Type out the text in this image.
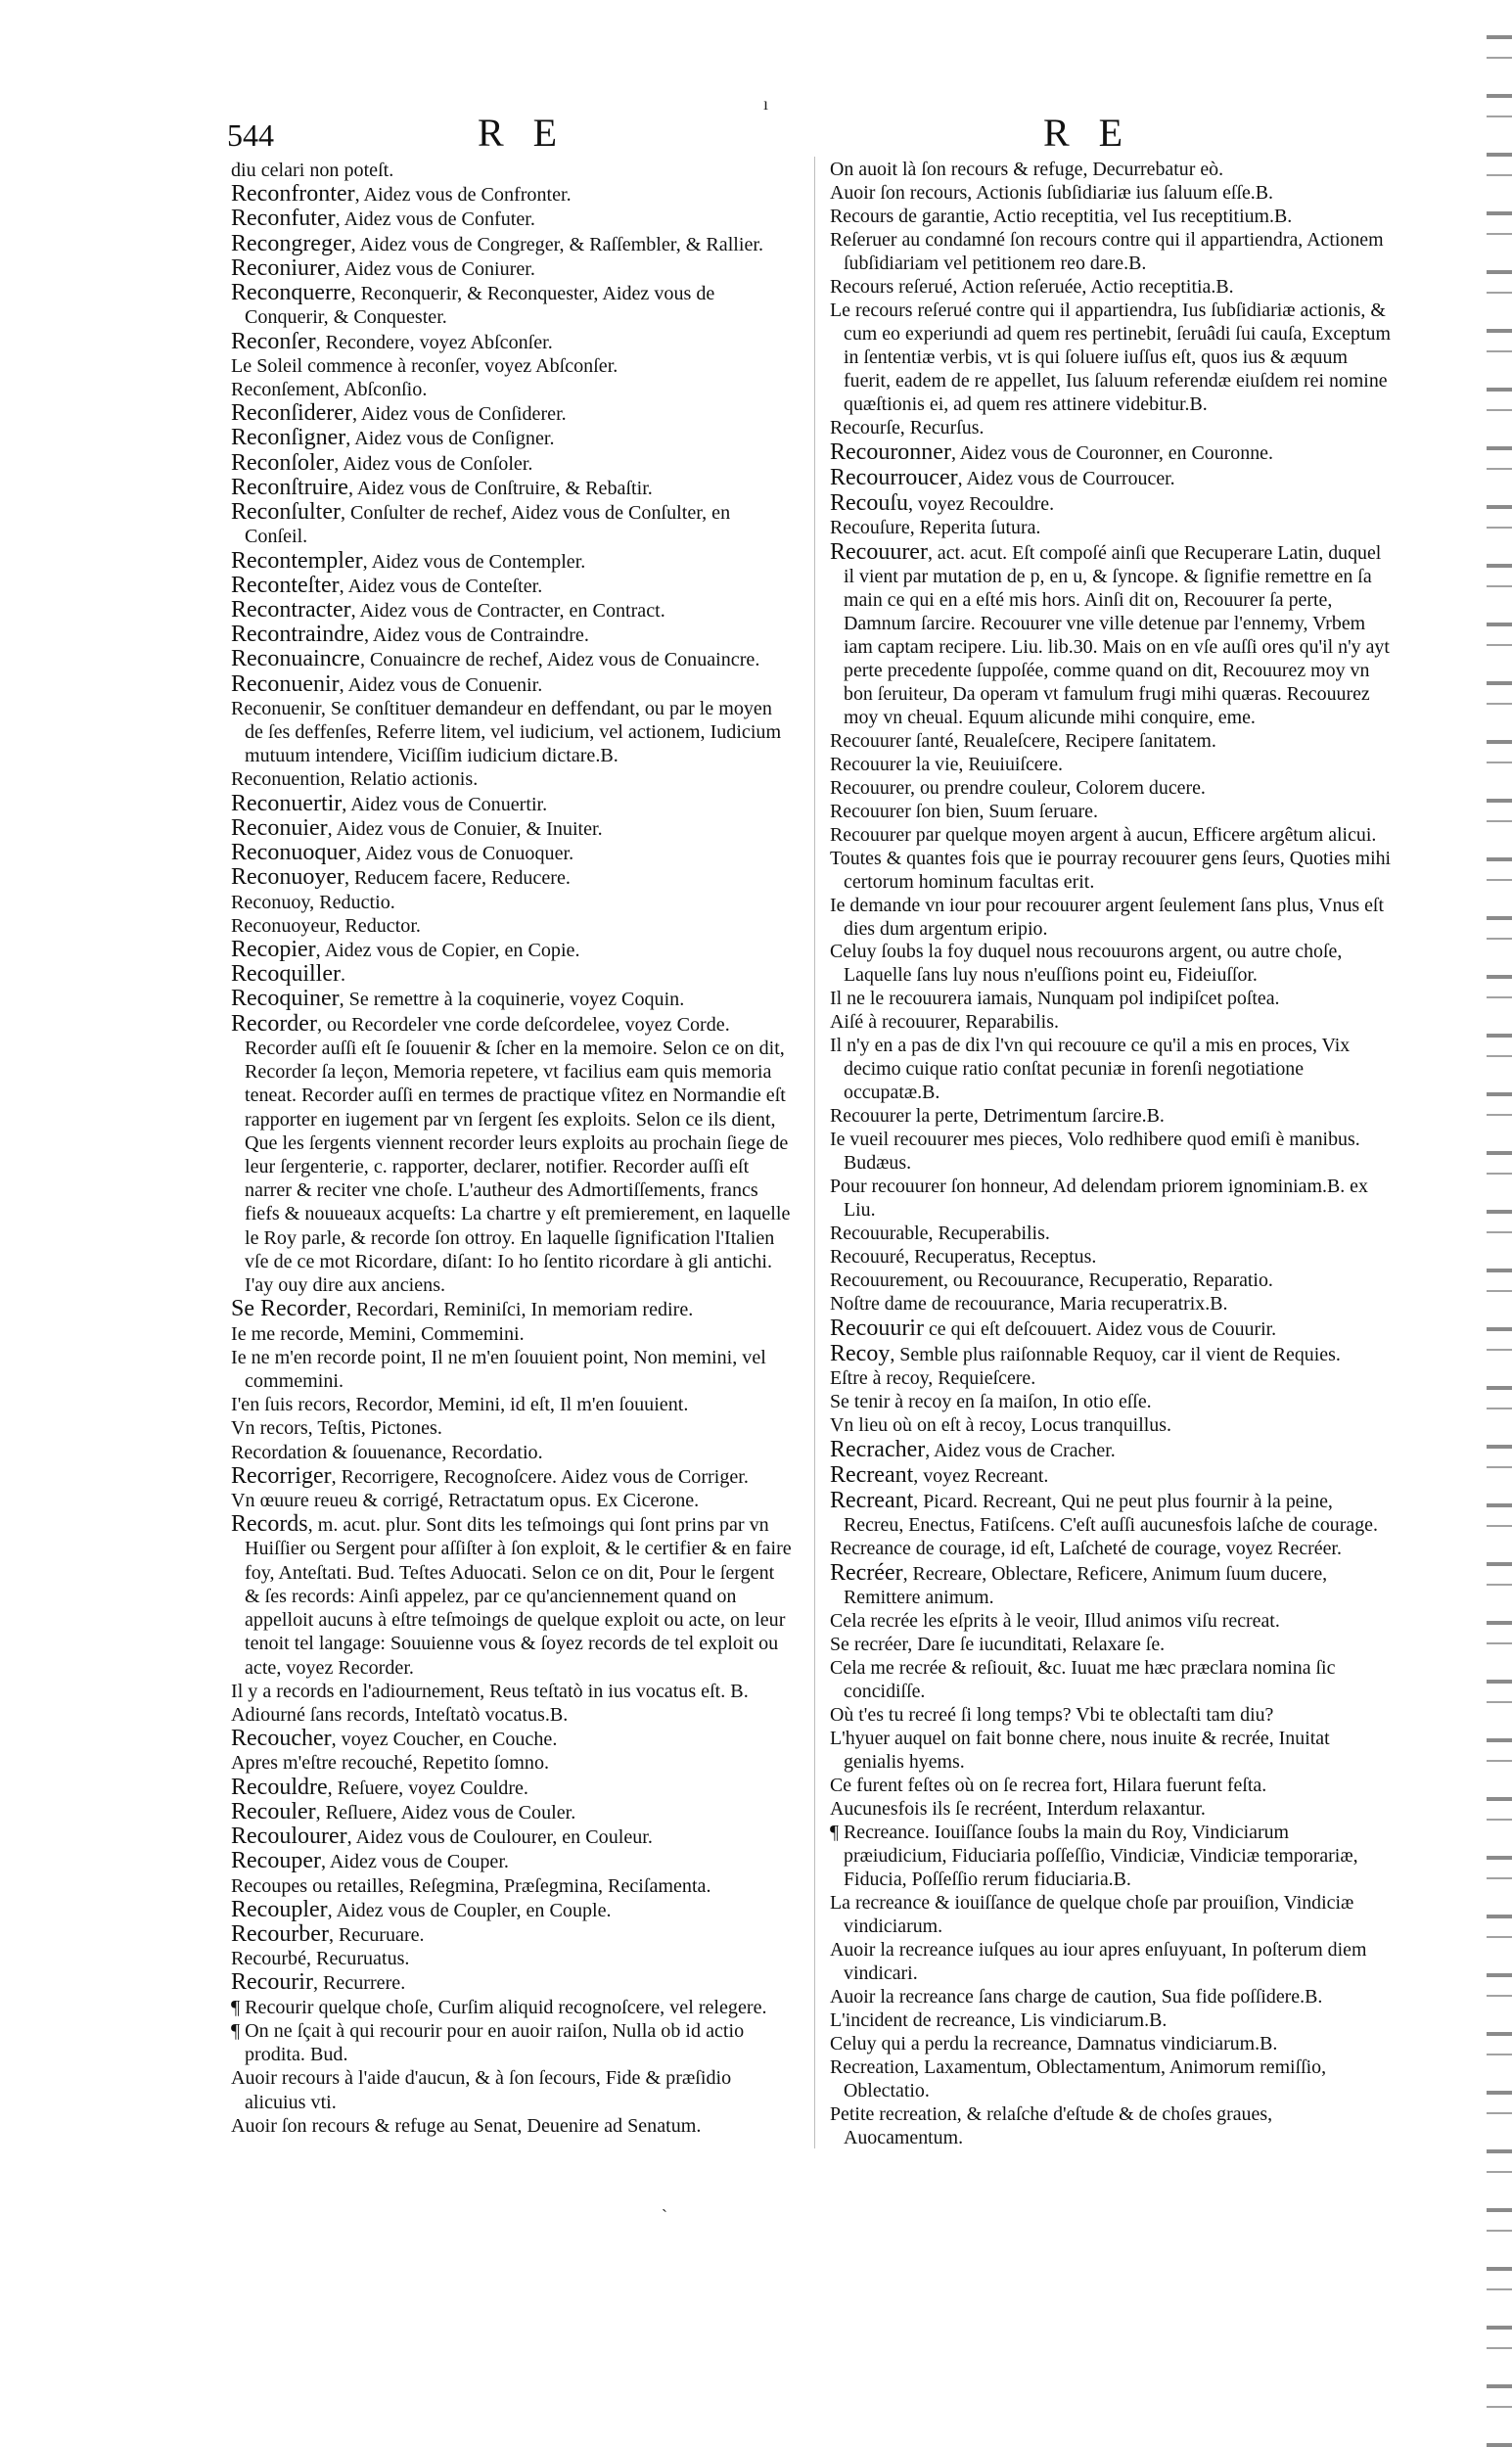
544	R E	R E
ı

diu celari non poteſt.

Reconfronter, Aidez vous de Confronter.

Reconfuter, Aidez vous de Confuter.

Recongreger, Aidez vous de Congreger, & Raſſembler, & Rallier.

Reconiurer, Aidez vous de Coniurer.

Reconquerre, Reconquerir, & Reconquester, Aidez vous de Conquerir, & Conquester.

Reconſer, Recondere, voyez Abſconſer.

Le Soleil commence à reconſer, voyez Abſconſer.

Reconſement, Abſconſio.

Reconſiderer, Aidez vous de Conſiderer.

Reconſigner, Aidez vous de Conſigner.

Reconſoler, Aidez vous de Conſoler.

Reconſtruire, Aidez vous de Conſtruire, & Rebaſtir.

Reconſulter, Conſulter de rechef, Aidez vous de Conſulter, en Conſeil.

Recontempler, Aidez vous de Contempler.

Reconteſter, Aidez vous de Conteſter.

Recontracter, Aidez vous de Contracter, en Contract.

Recontraindre, Aidez vous de Contraindre.

Reconuaincre, Conuaincre de rechef, Aidez vous de Conuaincre.

Reconuenir, Aidez vous de Conuenir.

Reconuenir, Se conſtituer demandeur en deffendant, ou par le moyen de ſes deffenſes, Referre litem, vel iudicium, vel actionem, Iudicium mutuum intendere, Viciſſim iudicium dictare.B.

Reconuention, Relatio actionis.

Reconuertir, Aidez vous de Conuertir.

Reconuier, Aidez vous de Conuier, & Inuiter.

Reconuoquer, Aidez vous de Conuoquer.

Reconuoyer, Reducem facere, Reducere.

Reconuoy, Reductio.

Reconuoyeur, Reductor.

Recopier, Aidez vous de Copier, en Copie.

Recoquiller.

Recoquiner, Se remettre à la coquinerie, voyez Coquin.

Recorder, ou Recordeler vne corde deſcordelee, voyez Corde. Recorder auſſi eſt ſe ſouuenir & ſcher en la memoire. Selon ce on dit, Recorder ſa leçon, Memoria repetere, vt facilius eam quis memoria teneat. Recorder auſſi en termes de practique vſitez en Normandie eſt rapporter en iugement par vn ſergent ſes exploits. Selon ce ils dient, Que les ſergents viennent recorder leurs exploits au prochain ſiege de leur ſergenterie, c. rapporter, declarer, notifier. Recorder auſſi eſt narrer & reciter vne choſe. L'autheur des Admortiſſements, francs fiefs & nouueaux acqueſts: La chartre y eſt premierement, en laquelle le Roy parle, & recorde ſon ottroy. En laquelle ſignification l'Italien vſe de ce mot Ricordare, diſant: Io ho ſentito ricordare à gli antichi. I'ay ouy dire aux anciens.

Se Recorder, Recordari, Reminiſci, In memoriam redire.

Ie me recorde, Memini, Commemini.

Ie ne m'en recorde point, Il ne m'en ſouuient point, Non memini, vel commemini.

I'en ſuis recors, Recordor, Memini, id eſt, Il m'en ſouuient.

Vn recors, Teſtis, Pictones.

Recordation & ſouuenance, Recordatio.

Recorriger, Recorrigere, Recognoſcere. Aidez vous de Corriger.

Vn œuure reueu & corrigé, Retractatum opus. Ex Cicerone.

Records, m. acut. plur. Sont dits les teſmoings qui ſont prins par vn Huiſſier ou Sergent pour aſſiſter à ſon exploit, & le certifier & en faire foy, Anteſtati. Bud. Teſtes Aduocati. Selon ce on dit, Pour le ſergent & ſes records: Ainſi appelez, par ce qu'anciennement quand on appelloit aucuns à eſtre teſmoings de quelque exploit ou acte, on leur tenoit tel langage: Souuienne vous & ſoyez records de tel exploit ou acte, voyez Recorder.

Il y a records en l'adiournement, Reus teſtatò in ius vocatus eſt. B.

Adiourné ſans records, Inteſtatò vocatus.B.

Recoucher, voyez Coucher, en Couche.

Apres m'eſtre recouché, Repetito ſomno.

Recouldre, Reſuere, voyez Couldre.

Recouler, Reſluere, Aidez vous de Couler.

Recoulourer, Aidez vous de Coulourer, en Couleur.

Recouper, Aidez vous de Couper.

Recoupes ou retailles, Reſegmina, Præſegmina, Reciſamenta.

Recoupler, Aidez vous de Coupler, en Couple.

Recourber, Recuruare.

Recourbé, Recuruatus.

Recourir, Recurrere.

¶ Recourir quelque choſe, Curſim aliquid recognoſcere, vel relegere.

¶ On ne ſçait à qui recourir pour en auoir raiſon, Nulla ob id actio prodita. Bud.

Auoir recours à l'aide d'aucun, & à ſon ſecours, Fide & præſidio alicuius vti.

Auoir ſon recours & refuge au Senat, Deuenire ad Senatum.

On auoit là ſon recours & refuge, Decurrebatur eò.

Auoir ſon recours, Actionis ſubſidiariæ ius ſaluum eſſe.B.

Recours de garantie, Actio receptitia, vel Ius receptitium.B.

Reſeruer au condamné ſon recours contre qui il appartiendra, Actionem ſubſidiariam vel petitionem reo dare.B.

Recours reſerué, Action reſeruée, Actio receptitia.B.

Le recours reſerué contre qui il appartiendra, Ius ſubſidiariæ actionis, & cum eo experiundi ad quem res pertinebit, ſeruâdi ſui cauſa, Exceptum in ſententiæ verbis, vt is qui ſoluere iuſſus eſt, quos ius & æquum fuerit, eadem de re appellet, Ius ſaluum referendæ eiuſdem rei nomine quæſtionis ei, ad quem res attinere videbitur.B.

Recourſe, Recurſus.

Recouronner, Aidez vous de Couronner, en Couronne.

Recourroucer, Aidez vous de Courroucer.

Recouſu, voyez Recouldre.

Recouſure, Reperita ſutura.

Recouurer, act. acut. Eſt compoſé ainſi que Recuperare Latin, duquel il vient par mutation de p, en u, & ſyncope. & ſignifie remettre en ſa main ce qui en a eſté mis hors. Ainſi dit on, Recouurer ſa perte, Damnum ſarcire. Recouurer vne ville detenue par l'ennemy, Vrbem iam captam recipere. Liu. lib.30. Mais on en vſe auſſi ores qu'il n'y ayt perte precedente ſuppoſée, comme quand on dit, Recouurez moy vn bon ſeruiteur, Da operam vt famulum frugi mihi quæras. Recouurez moy vn cheual. Equum alicunde mihi conquire, eme.

Recouurer ſanté, Reualeſcere, Recipere ſanitatem.

Recouurer la vie, Reuiuiſcere.

Recouurer, ou prendre couleur, Colorem ducere.

Recouurer ſon bien, Suum ſeruare.

Recouurer par quelque moyen argent à aucun, Efficere argêtum alicui.

Toutes & quantes fois que ie pourray recouurer gens ſeurs, Quoties mihi certorum hominum facultas erit.

Ie demande vn iour pour recouurer argent ſeulement ſans plus, Vnus eſt dies dum argentum eripio.

Celuy ſoubs la foy duquel nous recouurons argent, ou autre choſe, Laquelle ſans luy nous n'euſſions point eu, Fideiuſſor.

Il ne le recouurera iamais, Nunquam pol indipiſcet poſtea.

Aiſé à recouurer, Reparabilis.

Il n'y en a pas de dix l'vn qui recouure ce qu'il a mis en proces, Vix decimo cuique ratio conſtat pecuniæ in forenſi negotiatione occupatæ.B.

Recouurer la perte, Detrimentum ſarcire.B.

Ie vueil recouurer mes pieces, Volo redhibere quod emiſi è manibus. Budæus.

Pour recouurer ſon honneur, Ad delendam priorem ignominiam.B. ex Liu.

Recouurable, Recuperabilis.

Recouuré, Recuperatus, Receptus.

Recouurement, ou Recouurance, Recuperatio, Reparatio.

Noſtre dame de recouurance, Maria recuperatrix.B.

Recouurir ce qui eſt deſcouuert. Aidez vous de Couurir.

Recoy, Semble plus raiſonnable Requoy, car il vient de Requies.

Eſtre à recoy, Requieſcere.

Se tenir à recoy en ſa maiſon, In otio eſſe.

Vn lieu où on eſt à recoy, Locus tranquillus.

Recracher, Aidez vous de Cracher.

Recreant, voyez Recreant.

Recreant, Picard. Recreant, Qui ne peut plus fournir à la peine, Recreu, Enectus, Fatiſcens. C'eſt auſſi aucunesfois laſche de courage.

Recreance de courage, id eſt, Laſcheté de courage, voyez Recréer.

Recréer, Recreare, Oblectare, Reficere, Animum ſuum ducere, Remittere animum.

Cela recrée les eſprits à le veoir, Illud animos viſu recreat.

Se recréer, Dare ſe iucunditati, Relaxare ſe.

Cela me recrée & reſiouit, &c. Iuuat me hæc præclara nomina ſic concidiſſe.

Où t'es tu recreé ſi long temps? Vbi te oblectaſti tam diu?

L'hyuer auquel on fait bonne chere, nous inuite & recrée, Inuitat genialis hyems.

Ce furent feſtes où on ſe recrea fort, Hilara fuerunt feſta.

Aucunesfois ils ſe recréent, Interdum relaxantur.

¶ Recreance. Iouiſſance ſoubs la main du Roy, Vindiciarum præiudicium, Fiduciaria poſſeſſio, Vindiciæ, Vindiciæ temporariæ, Fiducia, Poſſeſſio rerum fiduciaria.B.

La recreance & iouiſſance de quelque choſe par prouiſion, Vindiciæ vindiciarum.

Auoir la recreance iuſques au iour apres enſuyuant, In poſterum diem vindicari.

Auoir la recreance ſans charge de caution, Sua fide poſſidere.B.

L'incident de recreance, Lis vindiciarum.B.

Celuy qui a perdu la recreance, Damnatus vindiciarum.B.

Recreation, Laxamentum, Oblectamentum, Animorum remiſſio, Oblectatio.

Petite recreation, & relaſche d'eſtude & de choſes graues, Auocamentum.

ˏ
